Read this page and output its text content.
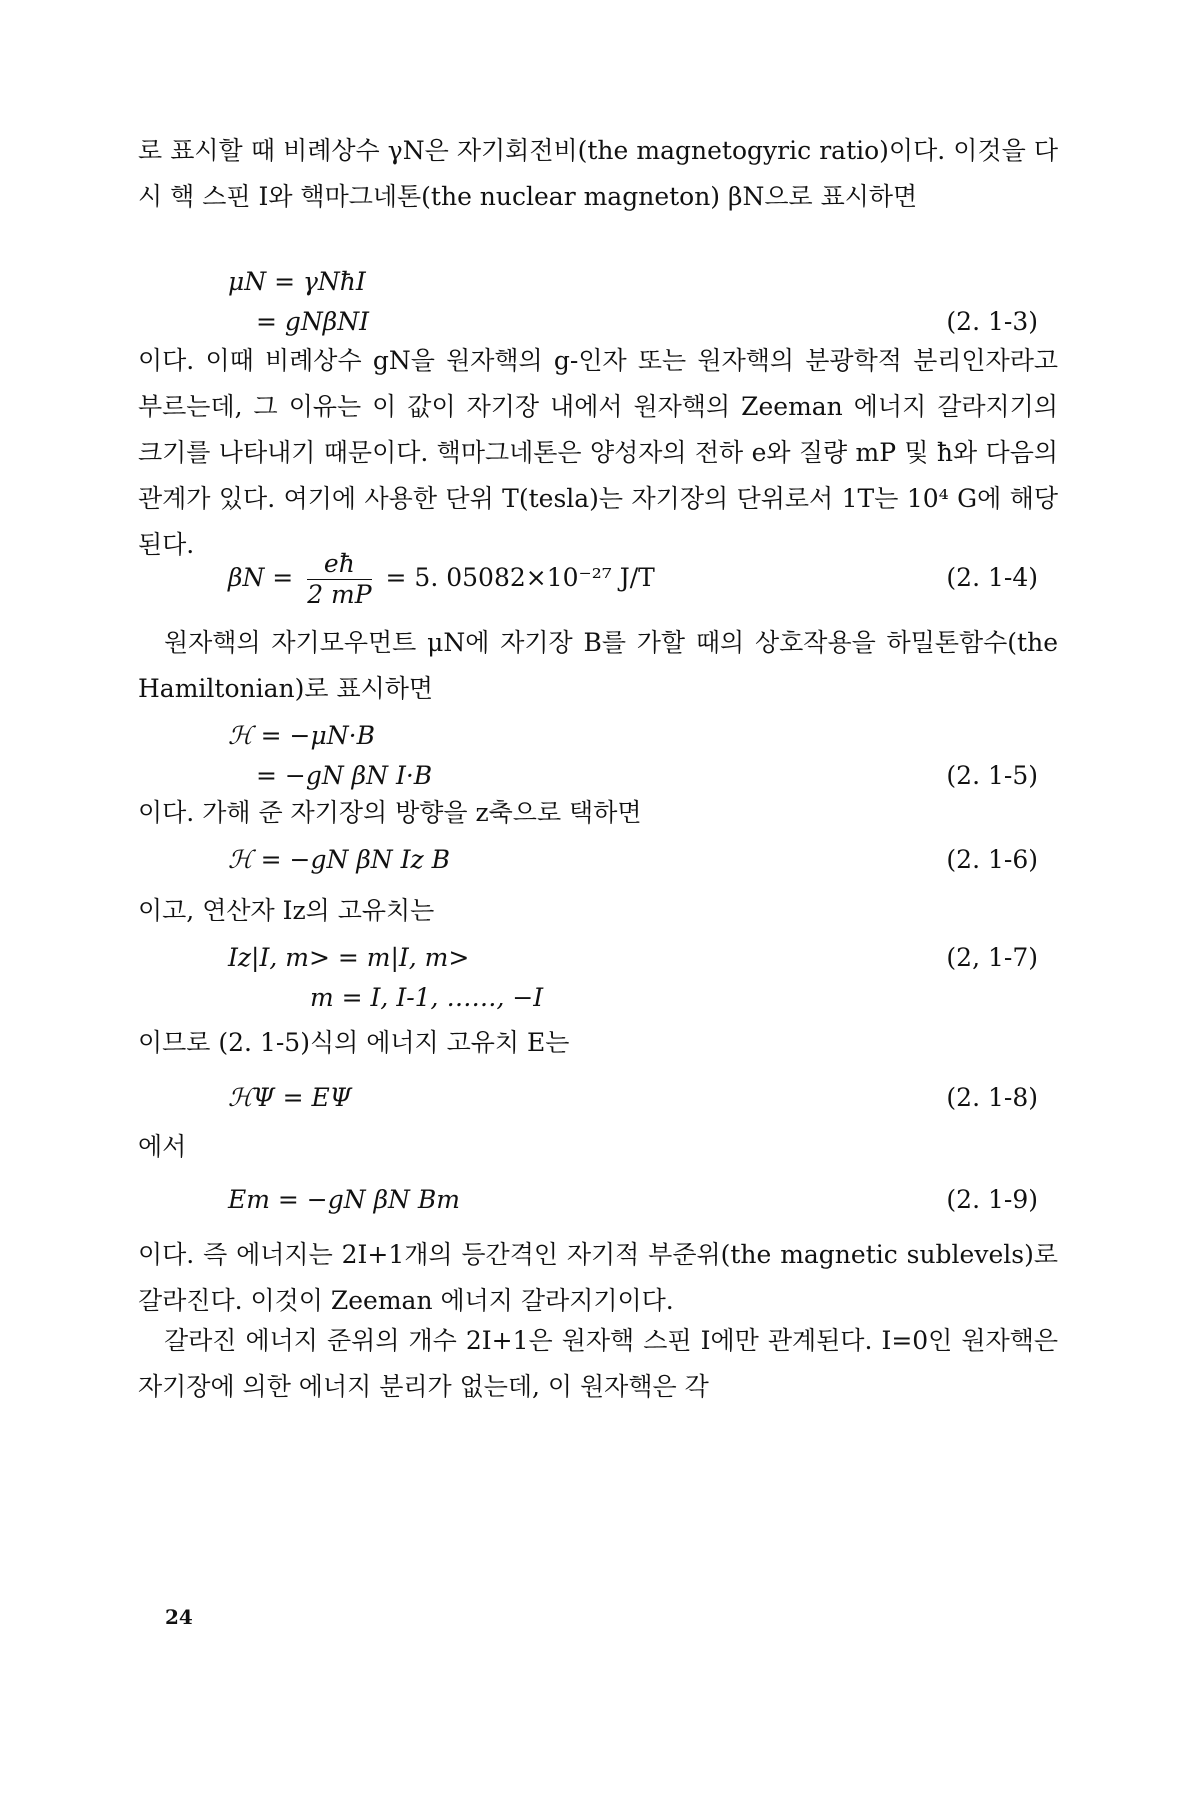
로 표시할 때 비례상수 γN은 자기회전비(the magnetogyric ratio)이다. 이것을 다시 핵 스핀 I와 핵마그네톤(the nuclear magneton) βN으로 표시하면

μN = γNħI
= gNβNI	(2. 1-3)

이다. 이때 비례상수 gN을 원자핵의 g-인자 또는 원자핵의 분광학적 분리인자라고 부르는데, 그 이유는 이 값이 자기장 내에서 원자핵의 Zeeman 에너지 갈라지기의 크기를 나타내기 때문이다. 핵마그네톤은 양성자의 전하 e와 질량 mP 및 ħ와 다음의 관계가 있다. 여기에 사용한 단위 T(tesla)는 자기장의 단위로서 1T는 10⁴ G에 해당된다.

$\beta N = \frac{eħ}{2 mP} = 5$. 05082×10⁻²⁷ J/T	(2. 1-4)

원자핵의 자기모우먼트 μN에 자기장 B를 가할 때의 상호작용을 하밀톤함수(the Hamiltonian)로 표시하면

ℋ = −μN·B
= −gN βN I·B	(2. 1-5)

이다. 가해 준 자기장의 방향을 z축으로 택하면

ℋ = −gN βN Iz B	(2. 1-6)

이고, 연산자 Iz의 고유치는

Iz|I, m> = m|I, m>	(2, 1-7)
m = I, I-1, ……, −I

이므로 (2. 1-5)식의 에너지 고유치 E는

ℋΨ = EΨ	(2. 1-8)

에서

Em = −gN βN Bm	(2. 1-9)

이다. 즉 에너지는 2I+1개의 등간격인 자기적 부준위(the magnetic sublevels)로 갈라진다. 이것이 Zeeman 에너지 갈라지기이다.

갈라진 에너지 준위의 개수 2I+1은 원자핵 스핀 I에만 관계된다. I=0인 원자핵은 자기장에 의한 에너지 분리가 없는데, 이 원자핵은 각

24
